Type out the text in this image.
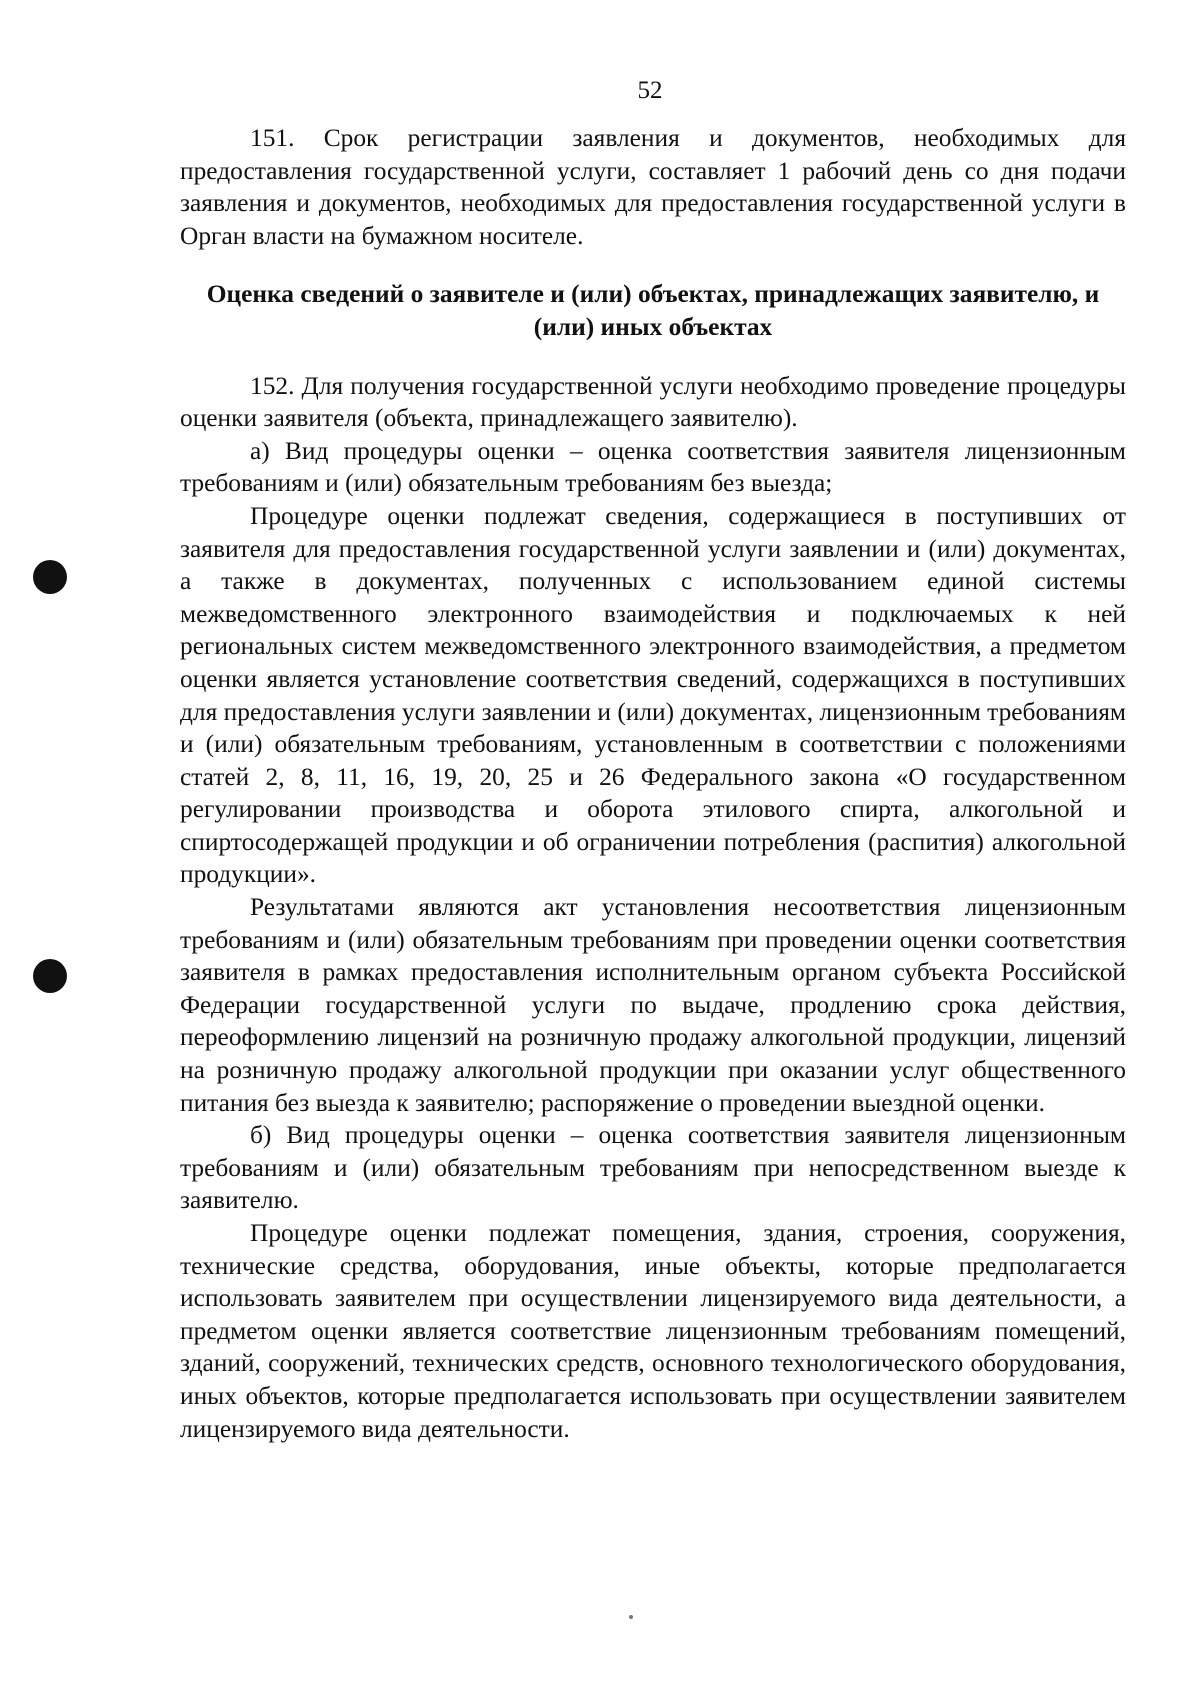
52

151. Срок регистрации заявления и документов, необходимых для предоставления государственной услуги, составляет 1 рабочий день со дня подачи заявления и документов, необходимых для предоставления государственной услуги в Орган власти на бумажном носителе.

Оценка сведений о заявителе и (или) объектах, принадлежащих заявителю, и (или) иных объектах

152. Для получения государственной услуги необходимо проведение процедуры оценки заявителя (объекта, принадлежащего заявителю).

а) Вид процедуры оценки – оценка соответствия заявителя лицензионным требованиям и (или) обязательным требованиям без выезда;

Процедуре оценки подлежат сведения, содержащиеся в поступивших от заявителя для предоставления государственной услуги заявлении и (или) документах, а также в документах, полученных с использованием единой системы межведомственного электронного взаимодействия и подключаемых к ней региональных систем межведомственного электронного взаимодействия, а предметом оценки является установление соответствия сведений, содержащихся в поступивших для предоставления услуги заявлении и (или) документах, лицензионным требованиям и (или) обязательным требованиям, установленным в соответствии с положениями статей 2, 8, 11, 16, 19, 20, 25 и 26 Федерального закона «О государственном регулировании производства и оборота этилового спирта, алкогольной и спиртосодержащей продукции и об ограничении потребления (распития) алкогольной продукции».

Результатами являются акт установления несоответствия лицензионным требованиям и (или) обязательным требованиям при проведении оценки соответствия заявителя в рамках предоставления исполнительным органом субъекта Российской Федерации государственной услуги по выдаче, продлению срока действия, переоформлению лицензий на розничную продажу алкогольной продукции, лицензий на розничную продажу алкогольной продукции при оказании услуг общественного питания без выезда к заявителю; распоряжение о проведении выездной оценки.

б) Вид процедуры оценки – оценка соответствия заявителя лицензионным требованиям и (или) обязательным требованиям при непосредственном выезде к заявителю.

Процедуре оценки подлежат помещения, здания, строения, сооружения, технические средства, оборудования, иные объекты, которые предполагается использовать заявителем при осуществлении лицензируемого вида деятельности, а предметом оценки является соответствие лицензионным требованиям помещений, зданий, сооружений, технических средств, основного технологического оборудования, иных объектов, которые предполагается использовать при осуществлении заявителем лицензируемого вида деятельности.
